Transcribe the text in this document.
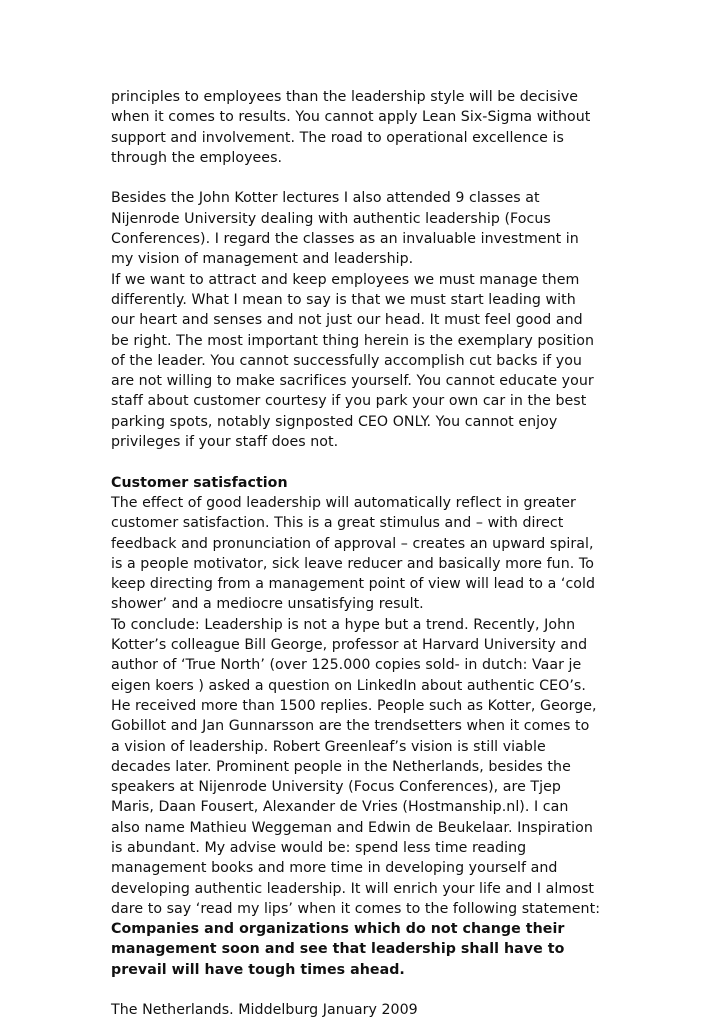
principles to employees than the leadership style will be decisive
when it comes to results. You cannot apply Lean Six-Sigma without
support and involvement. The road to operational excellence is
through the employees.
Besides the John Kotter lectures I also attended 9 classes at
Nijenrode University dealing with authentic leadership (Focus
Conferences). I regard the classes as an invaluable investment in
my vision of management and leadership.
If we want to attract and keep employees we must manage them
differently. What I mean to say is that we must start leading with
our heart and senses and not just our head. It must feel good and
be right. The most important thing herein is the exemplary position
of the leader. You cannot successfully accomplish cut backs if you
are not willing to make sacrifices yourself. You cannot educate your
staff about customer courtesy if you park your own car in the best
parking spots, notably signposted CEO ONLY. You cannot enjoy
privileges if your staff does not.
Customer satisfaction
The effect of good leadership will automatically reflect in greater
customer satisfaction. This is a great stimulus and – with direct
feedback and pronunciation of approval – creates an upward spiral,
is a people motivator, sick leave reducer and basically more fun. To
keep directing from a management point of view will lead to a ‘cold
shower’ and a mediocre unsatisfying result.
To conclude: Leadership is not a hype but a trend. Recently, John
Kotter’s colleague Bill George, professor at Harvard University and
author of ‘True North’ (over 125.000 copies sold- in dutch: Vaar je
eigen koers ) asked a question on LinkedIn about authentic CEO’s.
He received more than 1500 replies. People such as Kotter, George,
Gobillot and Jan Gunnarsson are the trendsetters when it comes to
a vision of leadership. Robert Greenleaf’s vision is still viable
decades later. Prominent people in the Netherlands, besides the
speakers at Nijenrode University (Focus Conferences), are Tjep
Maris, Daan Fousert, Alexander de Vries (Hostmanship.nl). I can
also name Mathieu Weggeman and Edwin de Beukelaar. Inspiration
is abundant. My advise would be: spend less time reading
management books and more time in developing yourself and
developing authentic leadership. It will enrich your life and I almost
dare to say ‘read my lips’ when it comes to the following statement:
Companies and organizations which do not change their
management soon and see that leadership shall have to
prevail will have tough times ahead.
The Netherlands. Middelburg January 2009
